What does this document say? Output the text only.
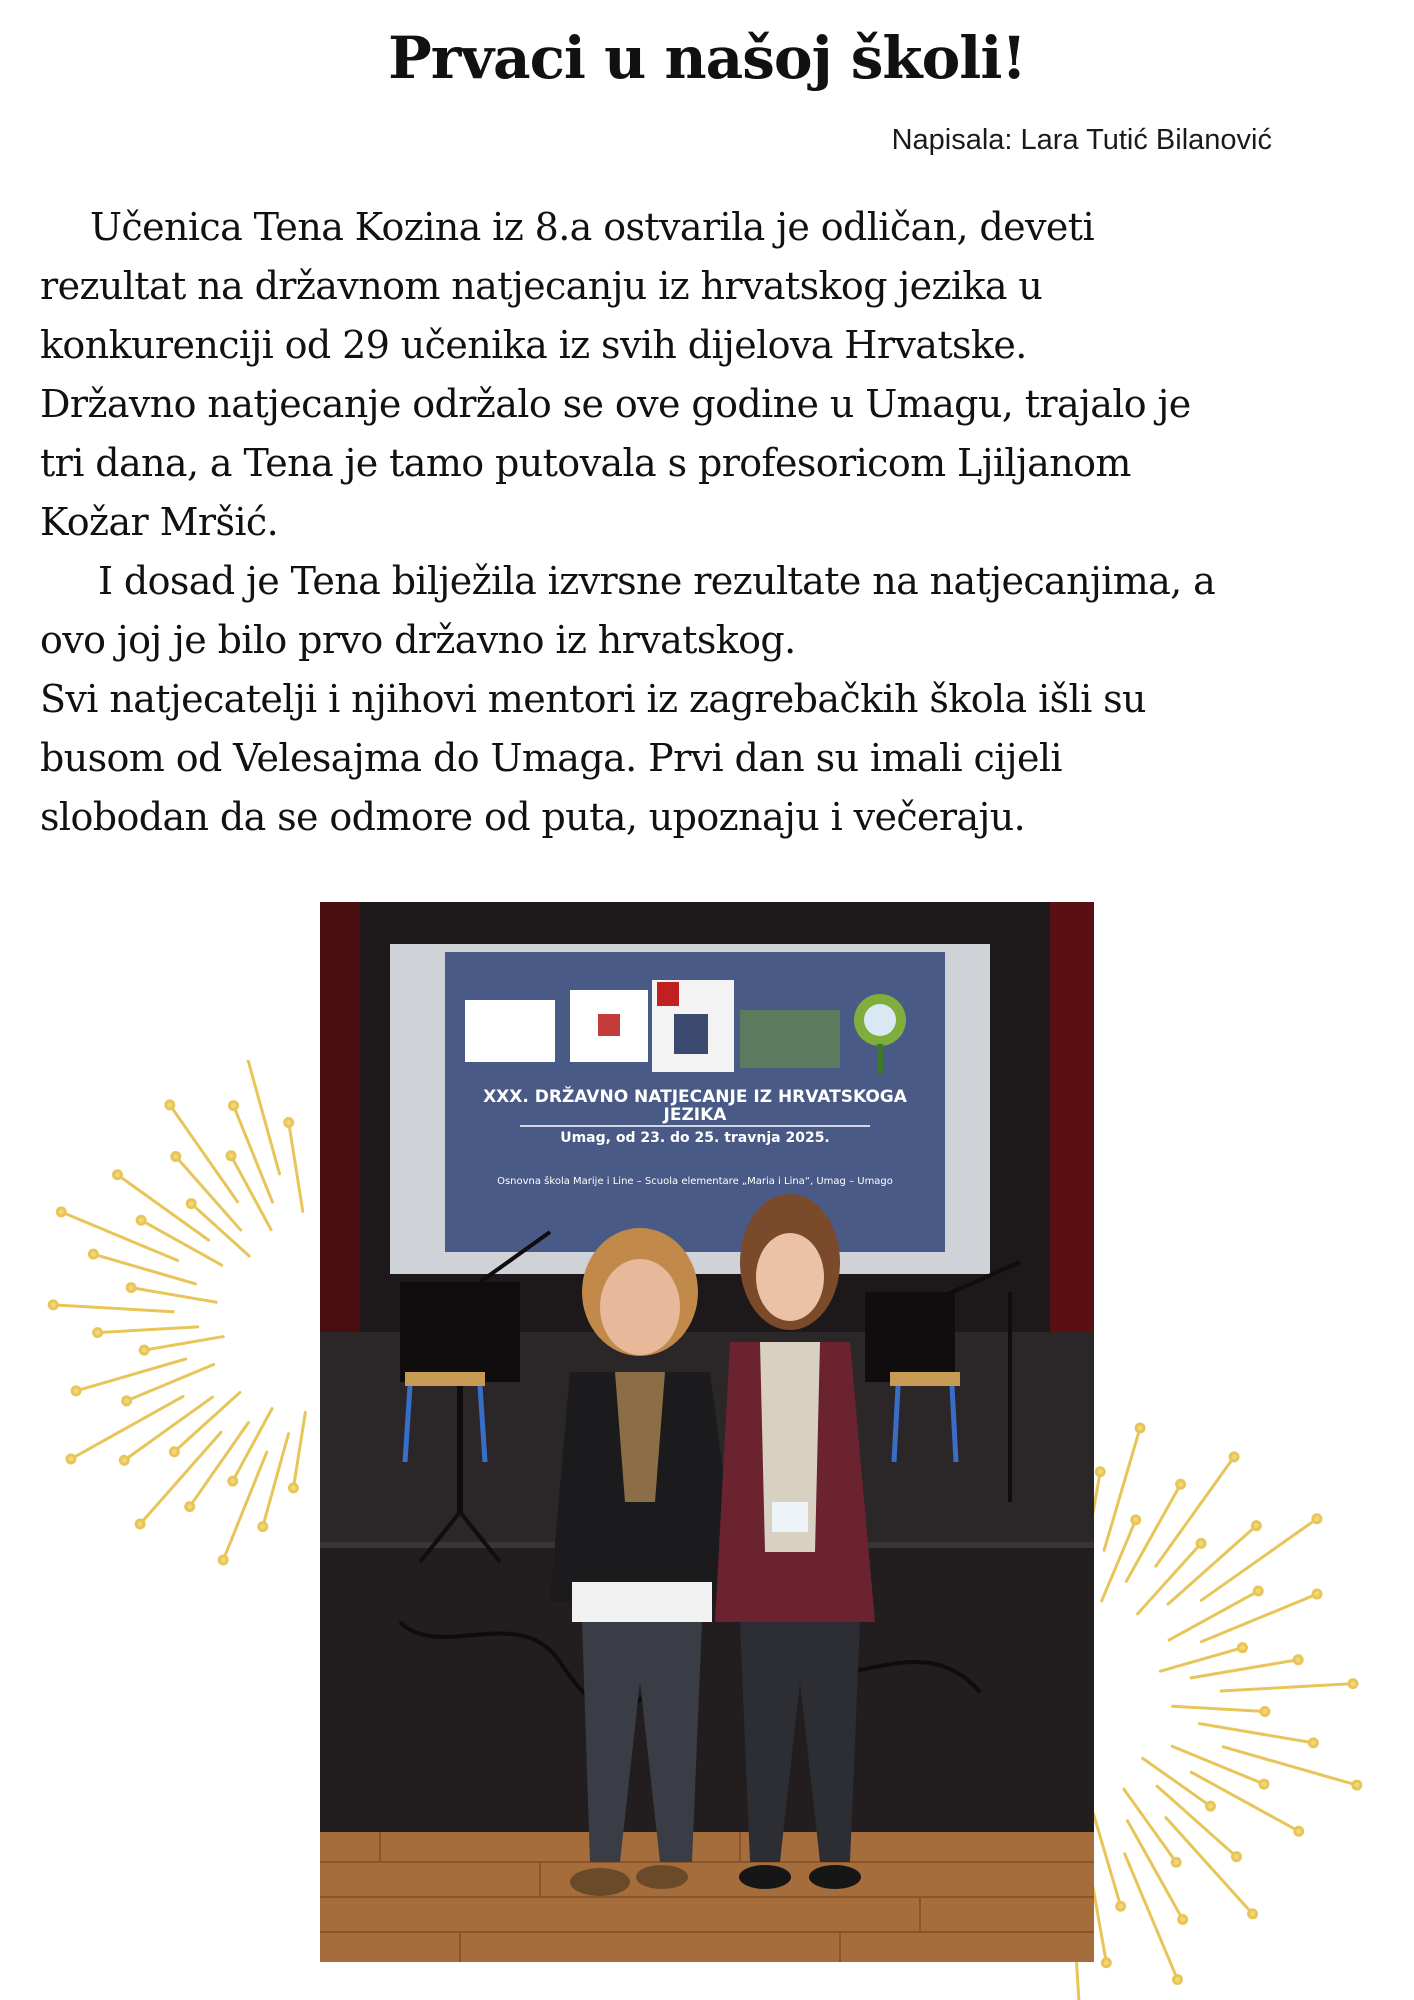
Prvaci u našoj školi!
Napisala: Lara Tutić Bilanović

Učenica Tena Kozina iz 8.a ostvarila je odličan, deveti

rezultat na državnom natjecanju iz hrvatskog jezika u

konkurenciji od 29 učenika iz svih dijelova Hrvatske.

Državno natjecanje održalo se ove godine u Umagu, trajalo je

tri dana, a Tena je tamo putovala s profesoricom Ljiljanom

Kožar Mršić.

I dosad je Tena bilježila izvrsne rezultate na natjecanjima, a

ovo joj je bilo prvo državno iz hrvatskog.

Svi natjecatelji i njihovi mentori iz zagrebačkih škola išli su

busom od Velesajma do Umaga. Prvi dan su imali cijeli

slobodan da se odmore od puta, upoznaju i večeraju.

XXX. DRŽAVNO NATJECANJE IZ HRVATSKOGA
JEZIKA
Umag, od 23. do 25. travnja 2025.
Osnovna škola Marije i Line – Scuola elementare „Maria i Lina“, Umag – Umago
